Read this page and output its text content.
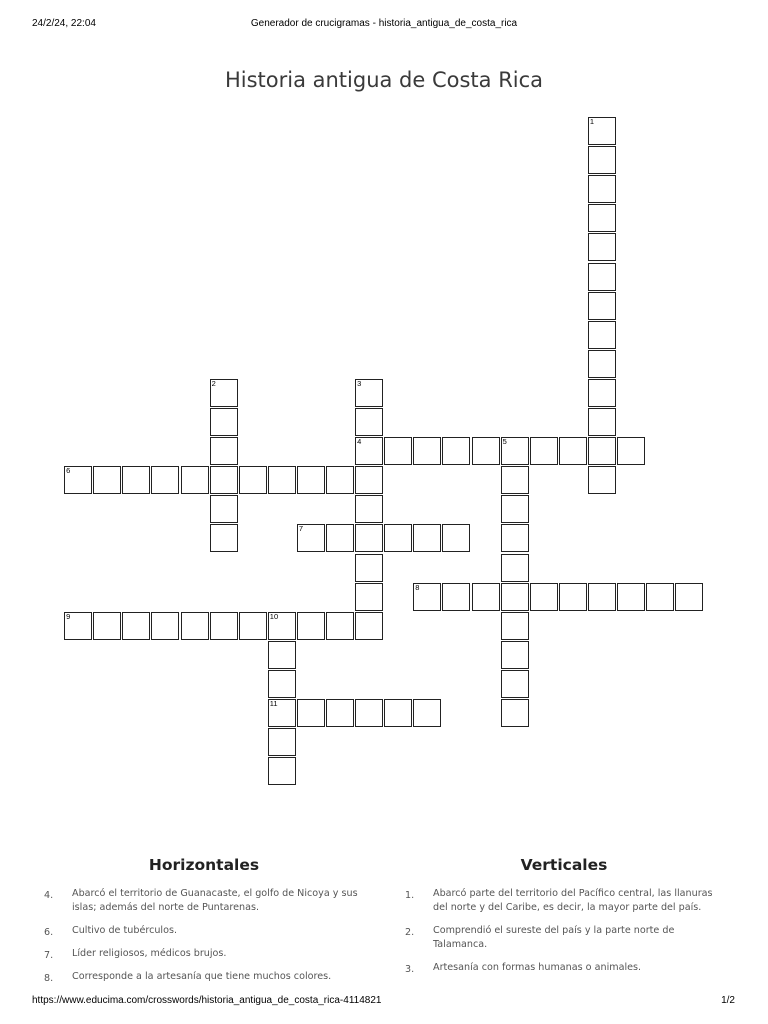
24/2/24, 22:04	Generador de crucigramas - historia_antigua_de_costa_rica
Historia antigua de Costa Rica
1
2	3
4	5
6
7
8
9	10
11
Horizontales
4.	Abarcó el territorio de Guanacaste, el golfo de Nicoya y sus islas; además del norte de Puntarenas.
6.	Cultivo de tubérculos.
7.	Líder religiosos, médicos brujos.
8.	Corresponde a la artesanía que tiene muchos colores.
Verticales
1.	Abarcó parte del territorio del Pacífico central, las llanuras del norte y del Caribe, es decir, la mayor parte del país.
2.	Comprendió el sureste del país y la parte norte de Talamanca.
3.	Artesanía con formas humanas o animales.
https://www.educima.com/crosswords/historia_antigua_de_costa_rica-4114821	1/2
